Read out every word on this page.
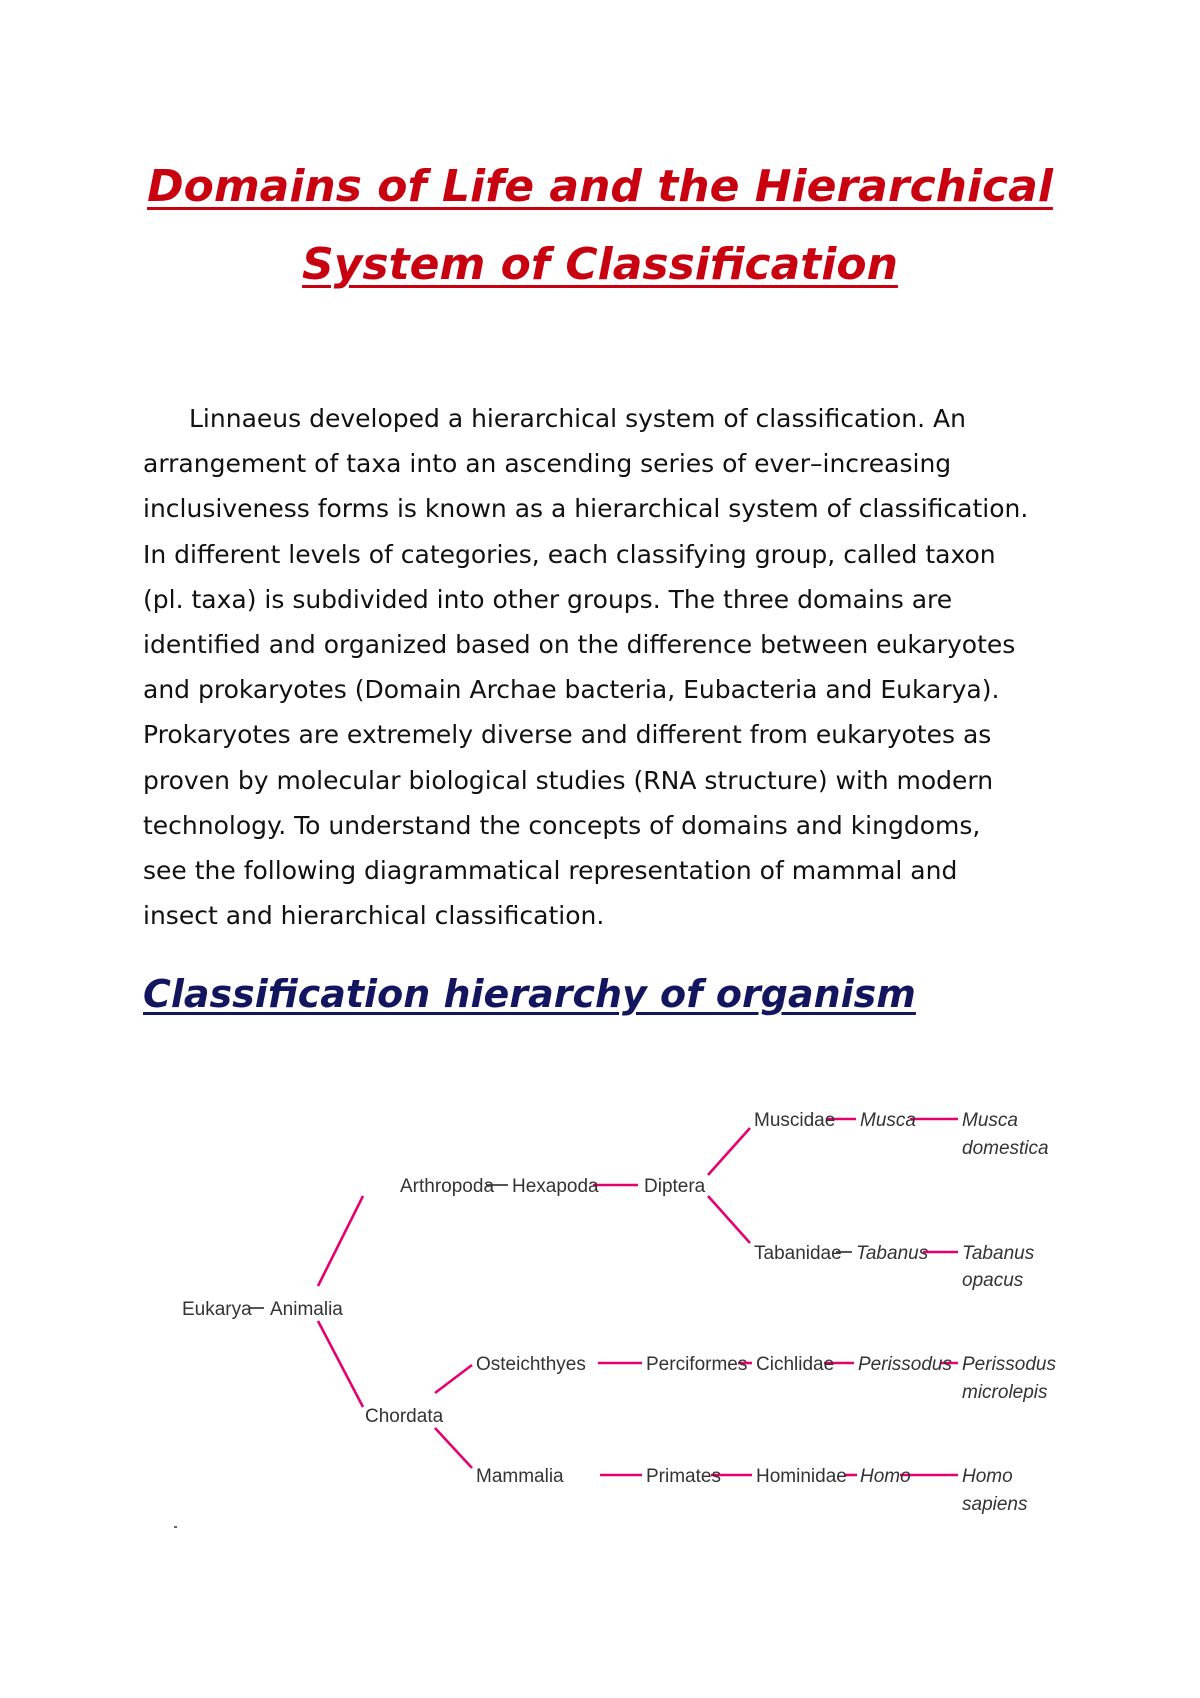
Domains of Life and the Hierarchical
System of Classification

Linnaeus developed a hierarchical system of classification. An
arrangement of taxa into an ascending series of ever–increasing
inclusiveness forms is known as a hierarchical system of classification.
In different levels of categories, each classifying group, called taxon
(pl. taxa) is subdivided into other groups. The three domains are
identified and organized based on the difference between eukaryotes
and prokaryotes (Domain Archae bacteria, Eubacteria and Eukarya).
Prokaryotes are extremely diverse and different from eukaryotes as
proven by molecular biological studies (RNA structure) with modern
technology. To understand the concepts of domains and kingdoms,
see the following diagrammatical representation of mammal and
insect and hierarchical classification.

Classification hierarchy of organism
Eukarya Animalia
Arthropoda Hexapoda Diptera
Muscidae Musca Musca
domestica
Tabanidae Tabanus Tabanus
opacus
Chordata
Osteichthyes	Perciformes Cichlidae Perissodus Perissodus
microlepis
Mammalia	Primates Hominidae Homo	Homo
sapiens
